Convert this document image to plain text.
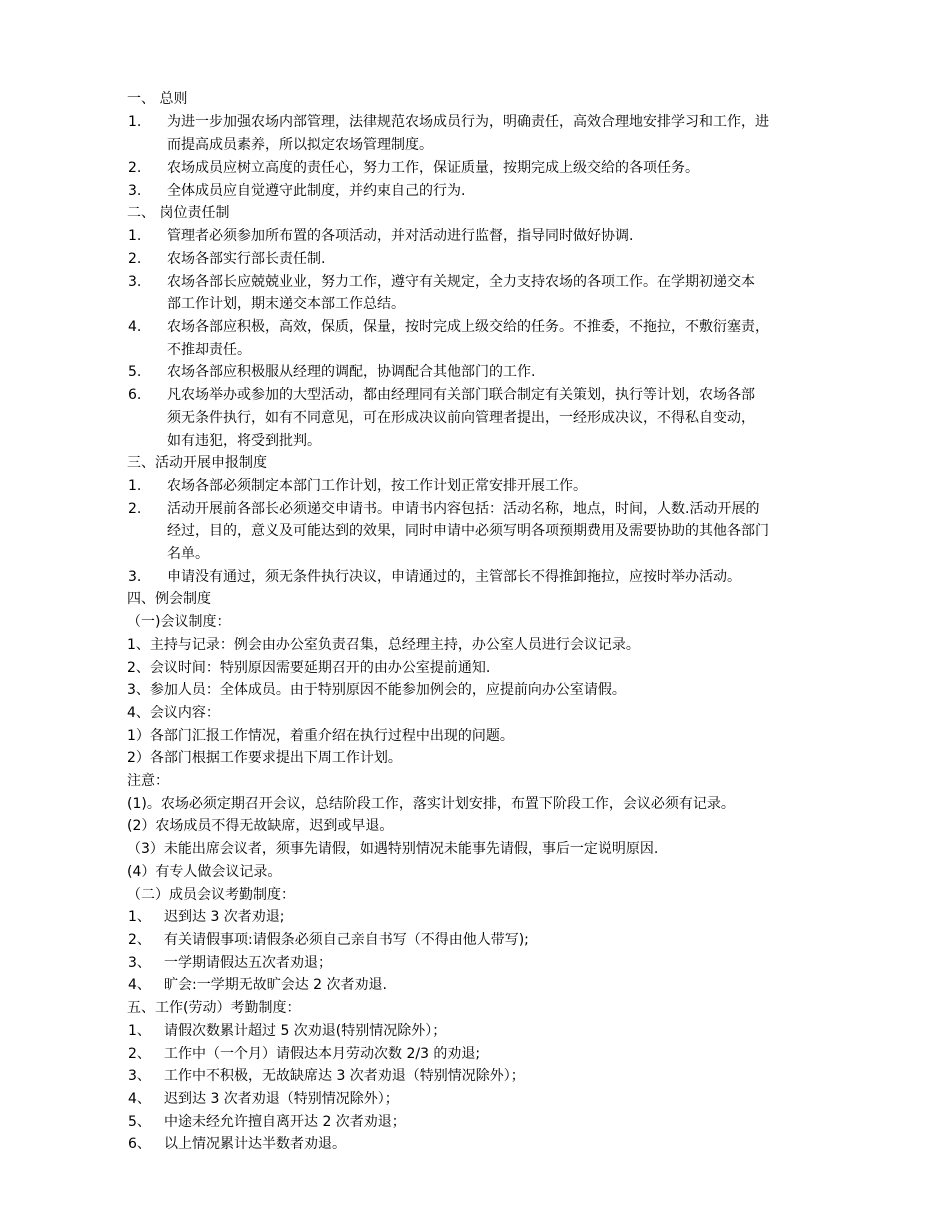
一、 总则
1. 为进一步加强农场内部管理，法律规范农场成员行为，明确责任，高效合理地安排学习和工作，进
而提高成员素养，所以拟定农场管理制度。
2. 农场成员应树立高度的责任心，努力工作，保证质量，按期完成上级交给的各项任务。
3. 全体成员应自觉遵守此制度，并约束自己的行为.
二、 岗位责任制
1. 管理者必须参加所布置的各项活动，并对活动进行监督，指导同时做好协调.
2. 农场各部实行部长责任制.
3. 农场各部长应兢兢业业，努力工作，遵守有关规定，全力支持农场的各项工作。在学期初递交本
部工作计划，期末递交本部工作总结。
4. 农场各部应积极，高效，保质，保量，按时完成上级交给的任务。不推委，不拖拉，不敷衍塞责，
不推却责任。
5. 农场各部应积极服从经理的调配，协调配合其他部门的工作.
6. 凡农场举办或参加的大型活动，都由经理同有关部门联合制定有关策划，执行等计划，农场各部
须无条件执行，如有不同意见，可在形成决议前向管理者提出，一经形成决议，不得私自变动，
如有违犯，将受到批判。
三、活动开展申报制度
1. 农场各部必须制定本部门工作计划，按工作计划正常安排开展工作。
2. 活动开展前各部长必须递交申请书。申请书内容包括：活动名称，地点，时间，人数.活动开展的
经过，目的，意义及可能达到的效果，同时申请中必须写明各项预期费用及需要协助的其他各部门
名单。
3. 申请没有通过，须无条件执行决议，申请通过的，主管部长不得推卸拖拉，应按时举办活动。
四、例会制度
（一)会议制度：
1、主持与记录：例会由办公室负责召集，总经理主持，办公室人员进行会议记录。
2、会议时间：特别原因需要延期召开的由办公室提前通知.
3、参加人员：全体成员。由于特别原因不能参加例会的，应提前向办公室请假。
4、会议内容：
1）各部门汇报工作情况，着重介绍在执行过程中出现的问题。
2）各部门根据工作要求提出下周工作计划。
注意：
(1)。农场必须定期召开会议，总结阶段工作，落实计划安排，布置下阶段工作，会议必须有记录。
(2）农场成员不得无故缺席，迟到或早退。
（3）未能出席会议者，须事先请假，如遇特别情况未能事先请假，事后一定说明原因.
(4）有专人做会议记录。
（二）成员会议考勤制度：
1、 迟到达 3 次者劝退;
2、 有关请假事项:请假条必须自己亲自书写（不得由他人带写);
3、 一学期请假达五次者劝退；
4、 旷会:一学期无故旷会达 2 次者劝退.
五、工作(劳动）考勤制度：
1、 请假次数累计超过 5 次劝退(特别情况除外）；
2、 工作中（一个月）请假达本月劳动次数 2/3 的劝退;
3、 工作中不积极，无故缺席达 3 次者劝退（特别情况除外）；
4、 迟到达 3 次者劝退（特别情况除外）；
5、 中途未经允许擅自离开达 2 次者劝退；
6、 以上情况累计达半数者劝退。
